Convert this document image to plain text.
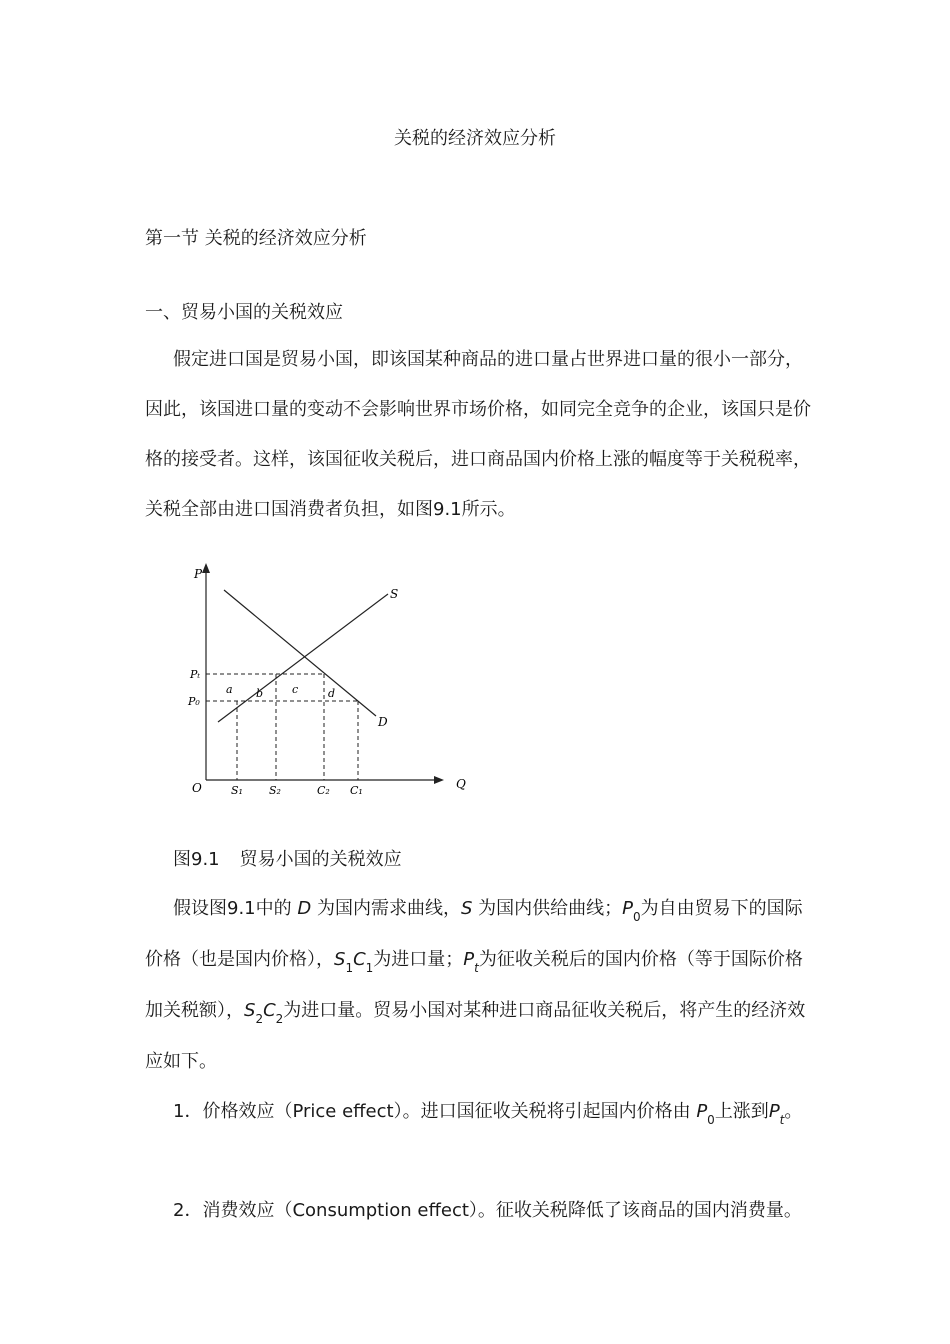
关税的经济效应分析
第一节 关税的经济效应分析
一、贸易小国的关税效应

假定进口国是贸易小国，即该国某种商品的进口量占世界进口量的很小一部分，因此，该国进口量的变动不会影响世界市场价格，如同完全竞争的企业，该国只是价格的接受者。这样，该国征收关税后，进口商品国内价格上涨的幅度等于关税税率，关税全部由进口国消费者负担，如图9.1所示。

P
Q
O
S
D
Pₜ
P₀
a b	c	d
S₁ S₂	C₂ C₁
图9.1 贸易小国的关税效应

假设图9.1中的 D 为国内需求曲线，S 为国内供给曲线；$P_0$为自由贸易下的国际价格（也是国内价格），$S_1C_1$为进口量；$P_t$为征收关税后的国内价格（等于国际价格加关税额），$S_2C_2$为进口量。贸易小国对某种进口商品征收关税后，将产生的经济效应如下。

1．价格效应（Price effect）。进口国征收关税将引起国内价格由 $P_0$上涨到$P_t$。

2．消费效应（Consumption effect）。征收关税降低了该商品的国内消费量。
